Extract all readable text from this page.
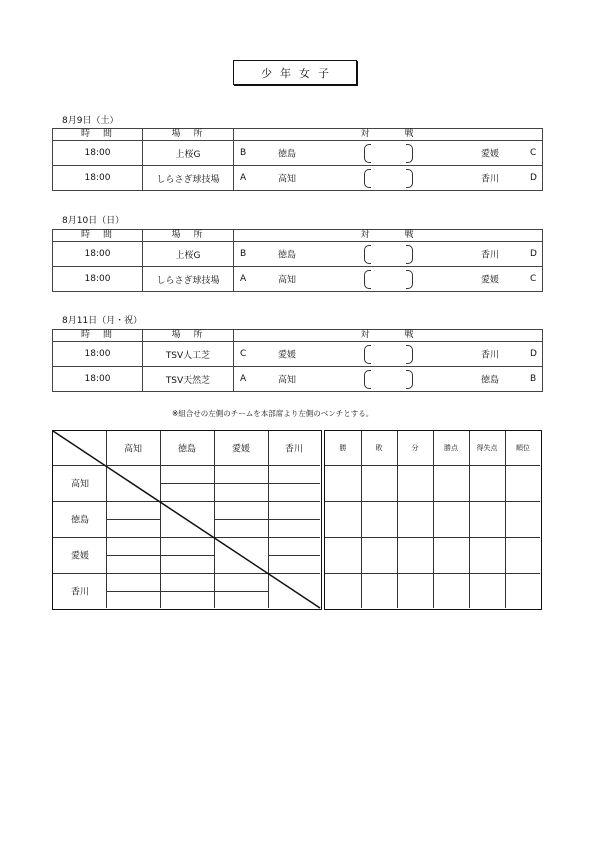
少年女子
8月9日（土）
時　間	場　所	対　　　戦
18:00	上桜G	B 徳島 愛媛 C

18:00	しらさぎ球技場	A 高知 香川 D
8月10日（日）
時　間	場　所	対　　　戦
18:00	上桜G	B 徳島 香川 D

18:00	しらさぎ球技場	A 高知 愛媛 C
8月11日（月・祝）
時　間	場　所	対　　　戦
18:00	TSV人工芝	C 愛媛 香川 D

18:00	TSV天然芝	A 高知 徳島 B
※組合せの左側のチームを本部席より左側のベンチとする。
高知	徳島	愛媛	香川
高知
徳島
愛媛
香川
勝	敗	分	勝点	得失点	順位
